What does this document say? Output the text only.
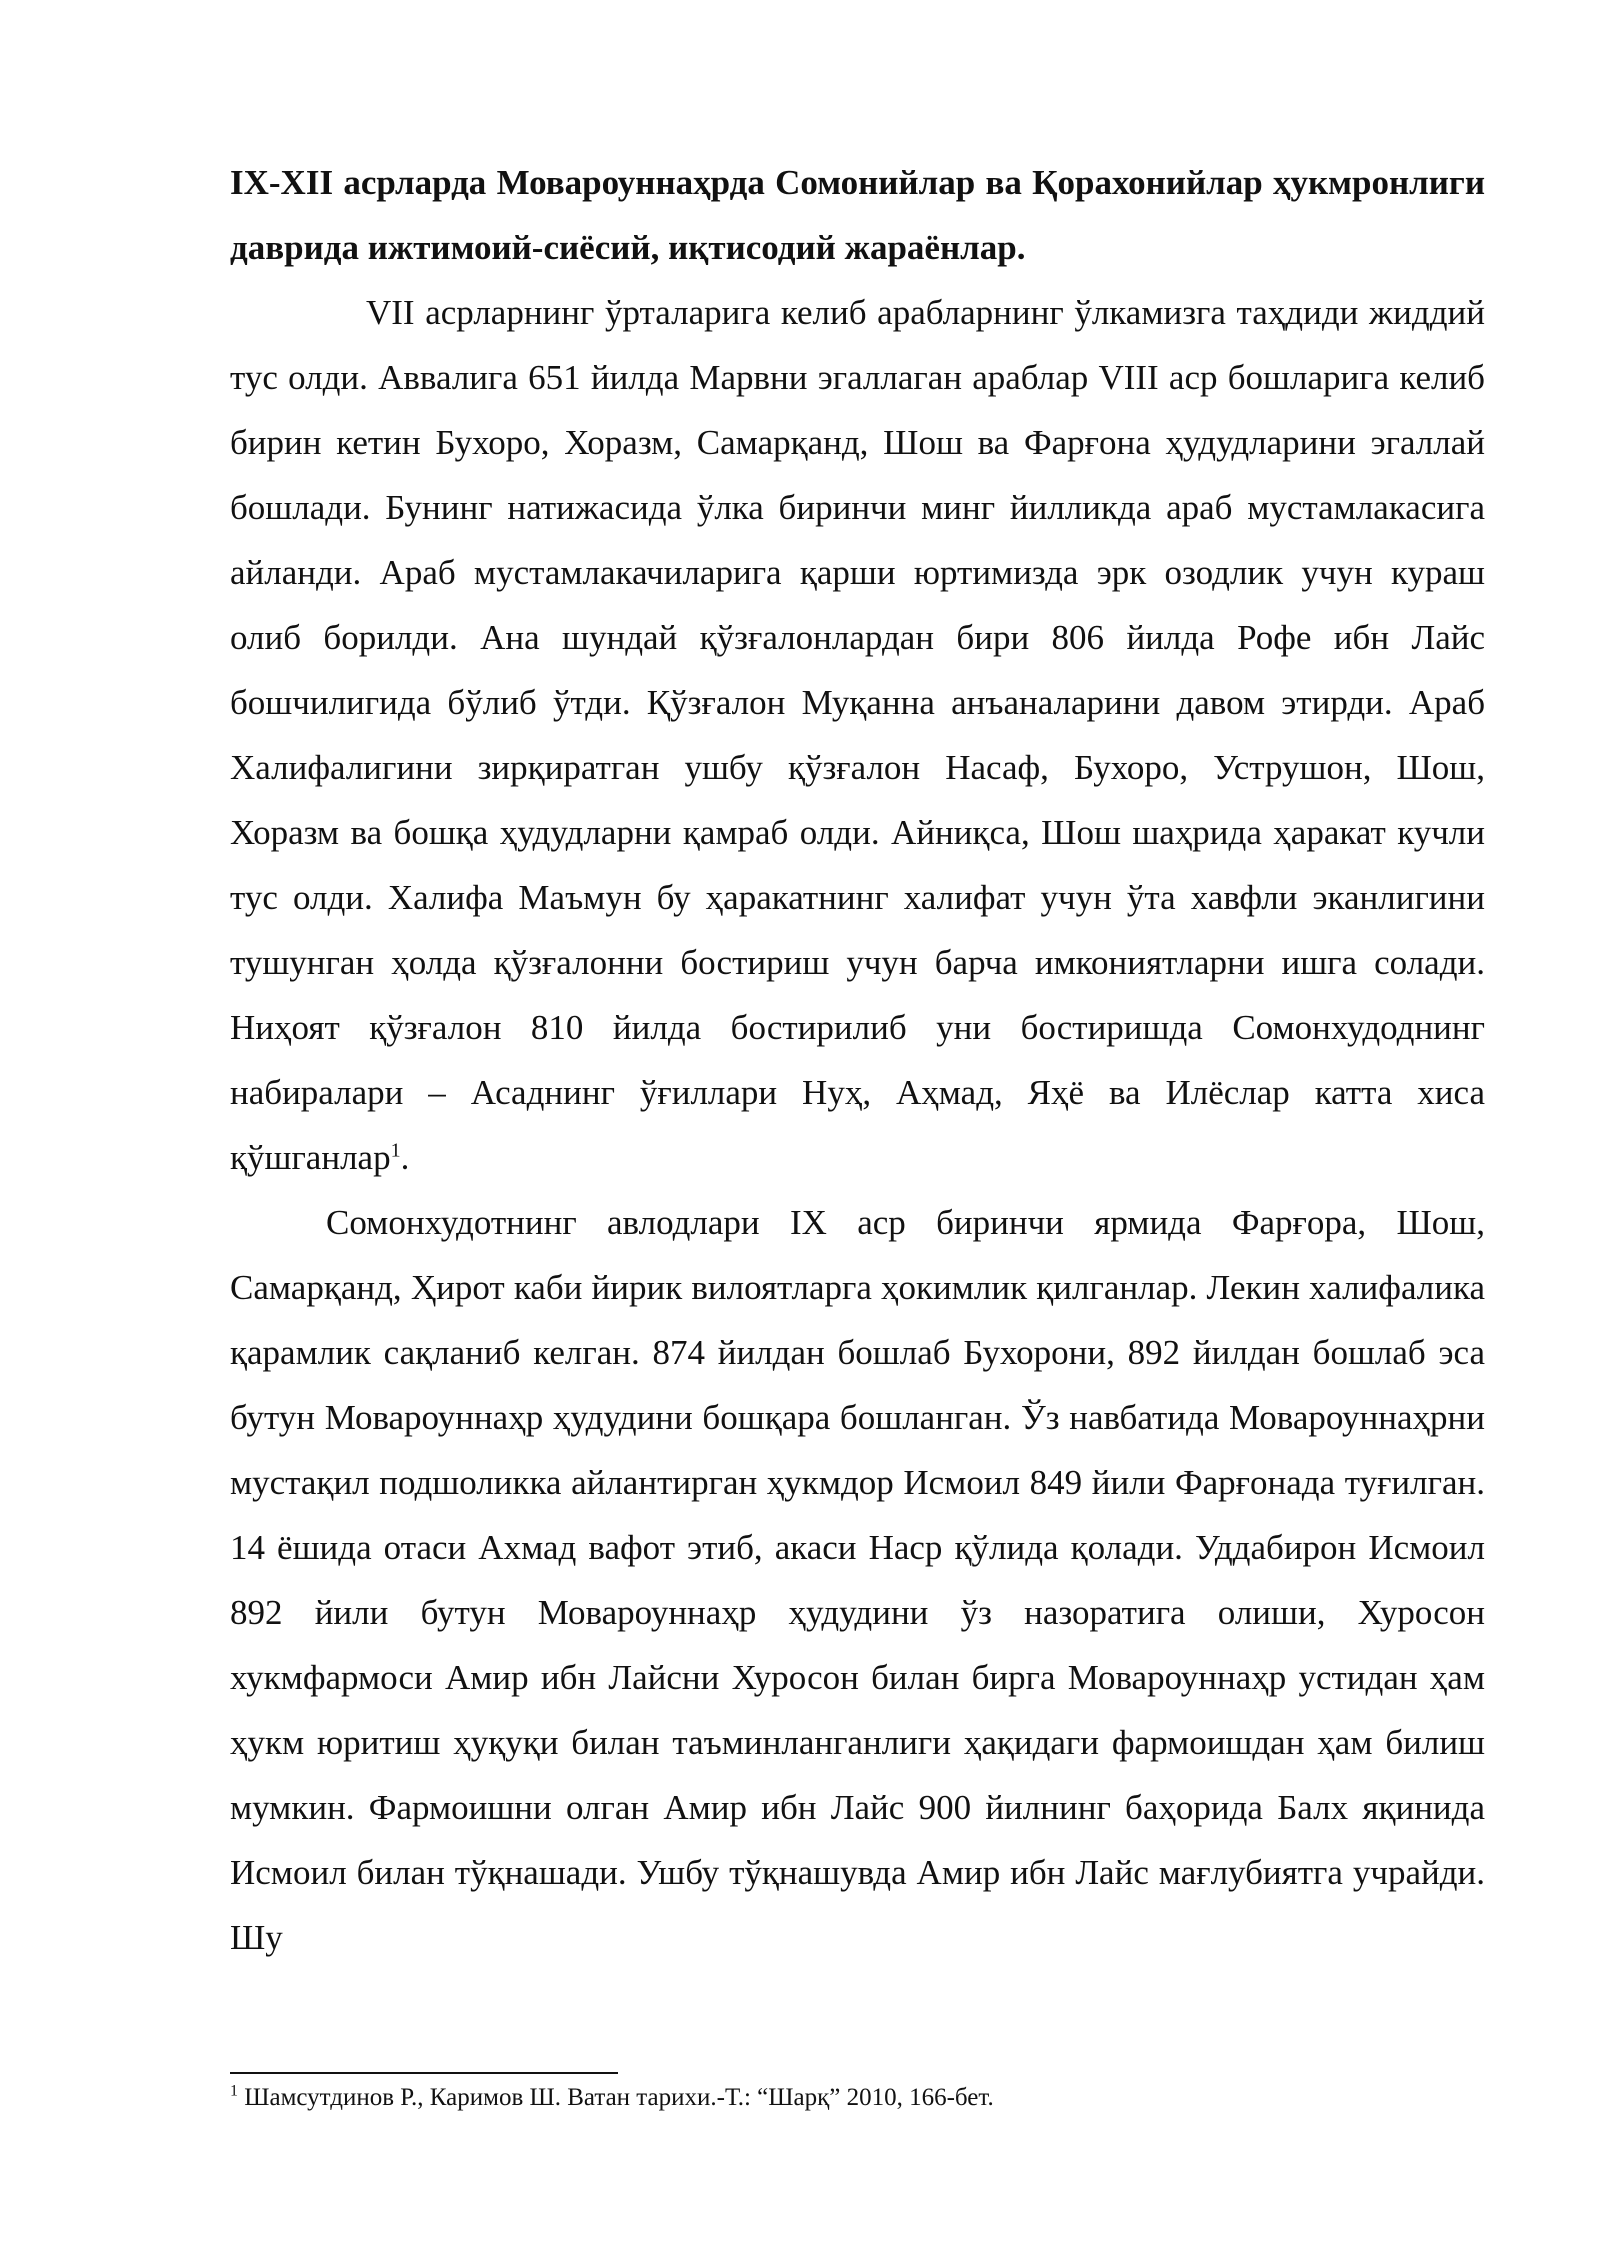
IX-XII асрларда Мовароуннаҳрда Сомонийлар ва Қорахонийлар ҳукмронлиги даврида ижтимоий-сиёсий, иқтисодий жараёнлар.

VII асрларнинг ўрталарига келиб арабларнинг ўлкамизга таҳдиди жиддий тус олди. Аввалига 651 йилда Марвни эгаллаган араблар VIII аср бошларига келиб бирин кетин Бухоро, Хоразм, Самарқанд, Шош ва Фарғона ҳудудларини эгаллай бошлади. Бунинг натижасида ўлка биринчи минг йилликда араб мустамлакасига айланди. Араб мустамлакачиларига қарши юртимизда эрк озодлик учун кураш олиб борилди. Ана шундай қўзғалонлардан бири 806 йилда Рофе ибн Лайс бошчилигида бўлиб ўтди. Қўзғалон Муқанна анъаналарини давом этирди. Араб Халифалигини зирқиратган ушбу қўзғалон Насаф, Бухоро, Уструшон, Шош, Хоразм ва бошқа ҳудудларни қамраб олди. Айниқса, Шош шаҳрида ҳаракат кучли тус олди. Халифа Маъмун бу ҳаракатнинг халифат учун ўта хавфли эканлигини тушунган ҳолда қўзғалонни бостириш учун барча имкониятларни ишга солади. Ниҳоят қўзғалон 810 йилда бостирилиб уни бостиришда Сомонхудоднинг набиралари – Асаднинг ўғиллари Нуҳ, Аҳмад, Яҳё ва Илёслар катта хиса қўшганлар$^1$.

Сомонхудотнинг авлодлари IX аср биринчи ярмида Фарғора, Шош, Самарқанд, Ҳирот каби йирик вилоятларга ҳокимлик қилганлар. Лекин халифалика қарамлик сақланиб келган. 874 йилдан бошлаб Бухорони, 892 йилдан бошлаб эса бутун Мовароуннаҳр ҳудудини бошқара бошланган. Ўз навбатида Мовароуннаҳрни мустақил подшоликка айлантирган ҳукмдор Исмоил 849 йили Фарғонада туғилган. 14 ёшида отаси Ахмад вафот этиб, акаси Наср қўлида қолади. Уддабирон Исмоил 892 йили бутун Мовароуннаҳр ҳудудини ўз назоратига олиши, Хуросон хукмфармоси Амир ибн Лайсни Хуросон билан бирга Мовароуннаҳр устидан ҳам ҳукм юритиш ҳуқуқи билан таъминланганлиги ҳақидаги фармоишдан ҳам билиш мумкин. Фармоишни олган Амир ибн Лайс 900 йилнинг баҳорида Балх яқинида Исмоил билан тўқнашади. Ушбу тўқнашувда Амир ибн Лайс мағлубиятга учрайди. Шу

$^1$ Шамсутдинов Р., Каримов Ш. Ватан тарихи.-Т.: “Шарқ” 2010, 166-бет.
